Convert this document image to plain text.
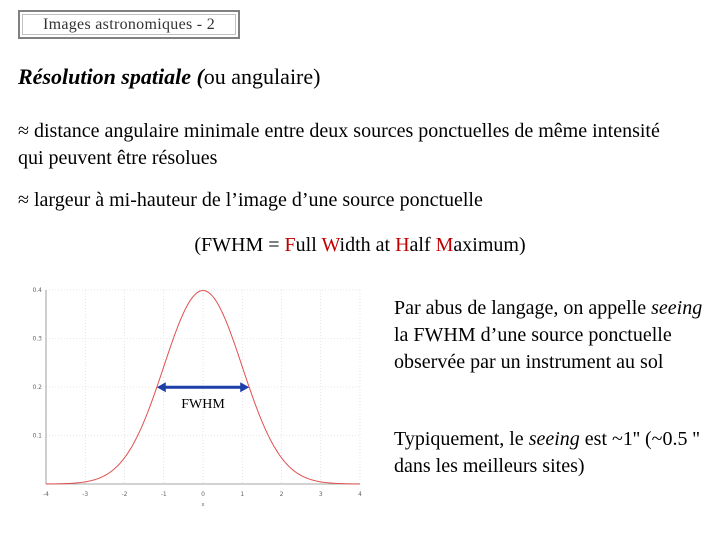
Images astronomiques - 2
Résolution spatiale (ou angulaire)
≈ distance angulaire minimale entre deux sources ponctuelles de même intensité qui peuvent être résolues
≈ largeur à mi-hauteur de l’image d’une source ponctuelle
(FWHM = Full Width at Half Maximum)
-4	-3	-2	-1	0	1	2	3	4
0.1
0.2
0.3
0.4
x
FWHM
Par abus de langage, on appelle seeing la FWHM d’une source ponctuelle observée par un instrument au sol
Typiquement, le seeing est ~1'' (~0.5 '' dans les meilleurs sites)
